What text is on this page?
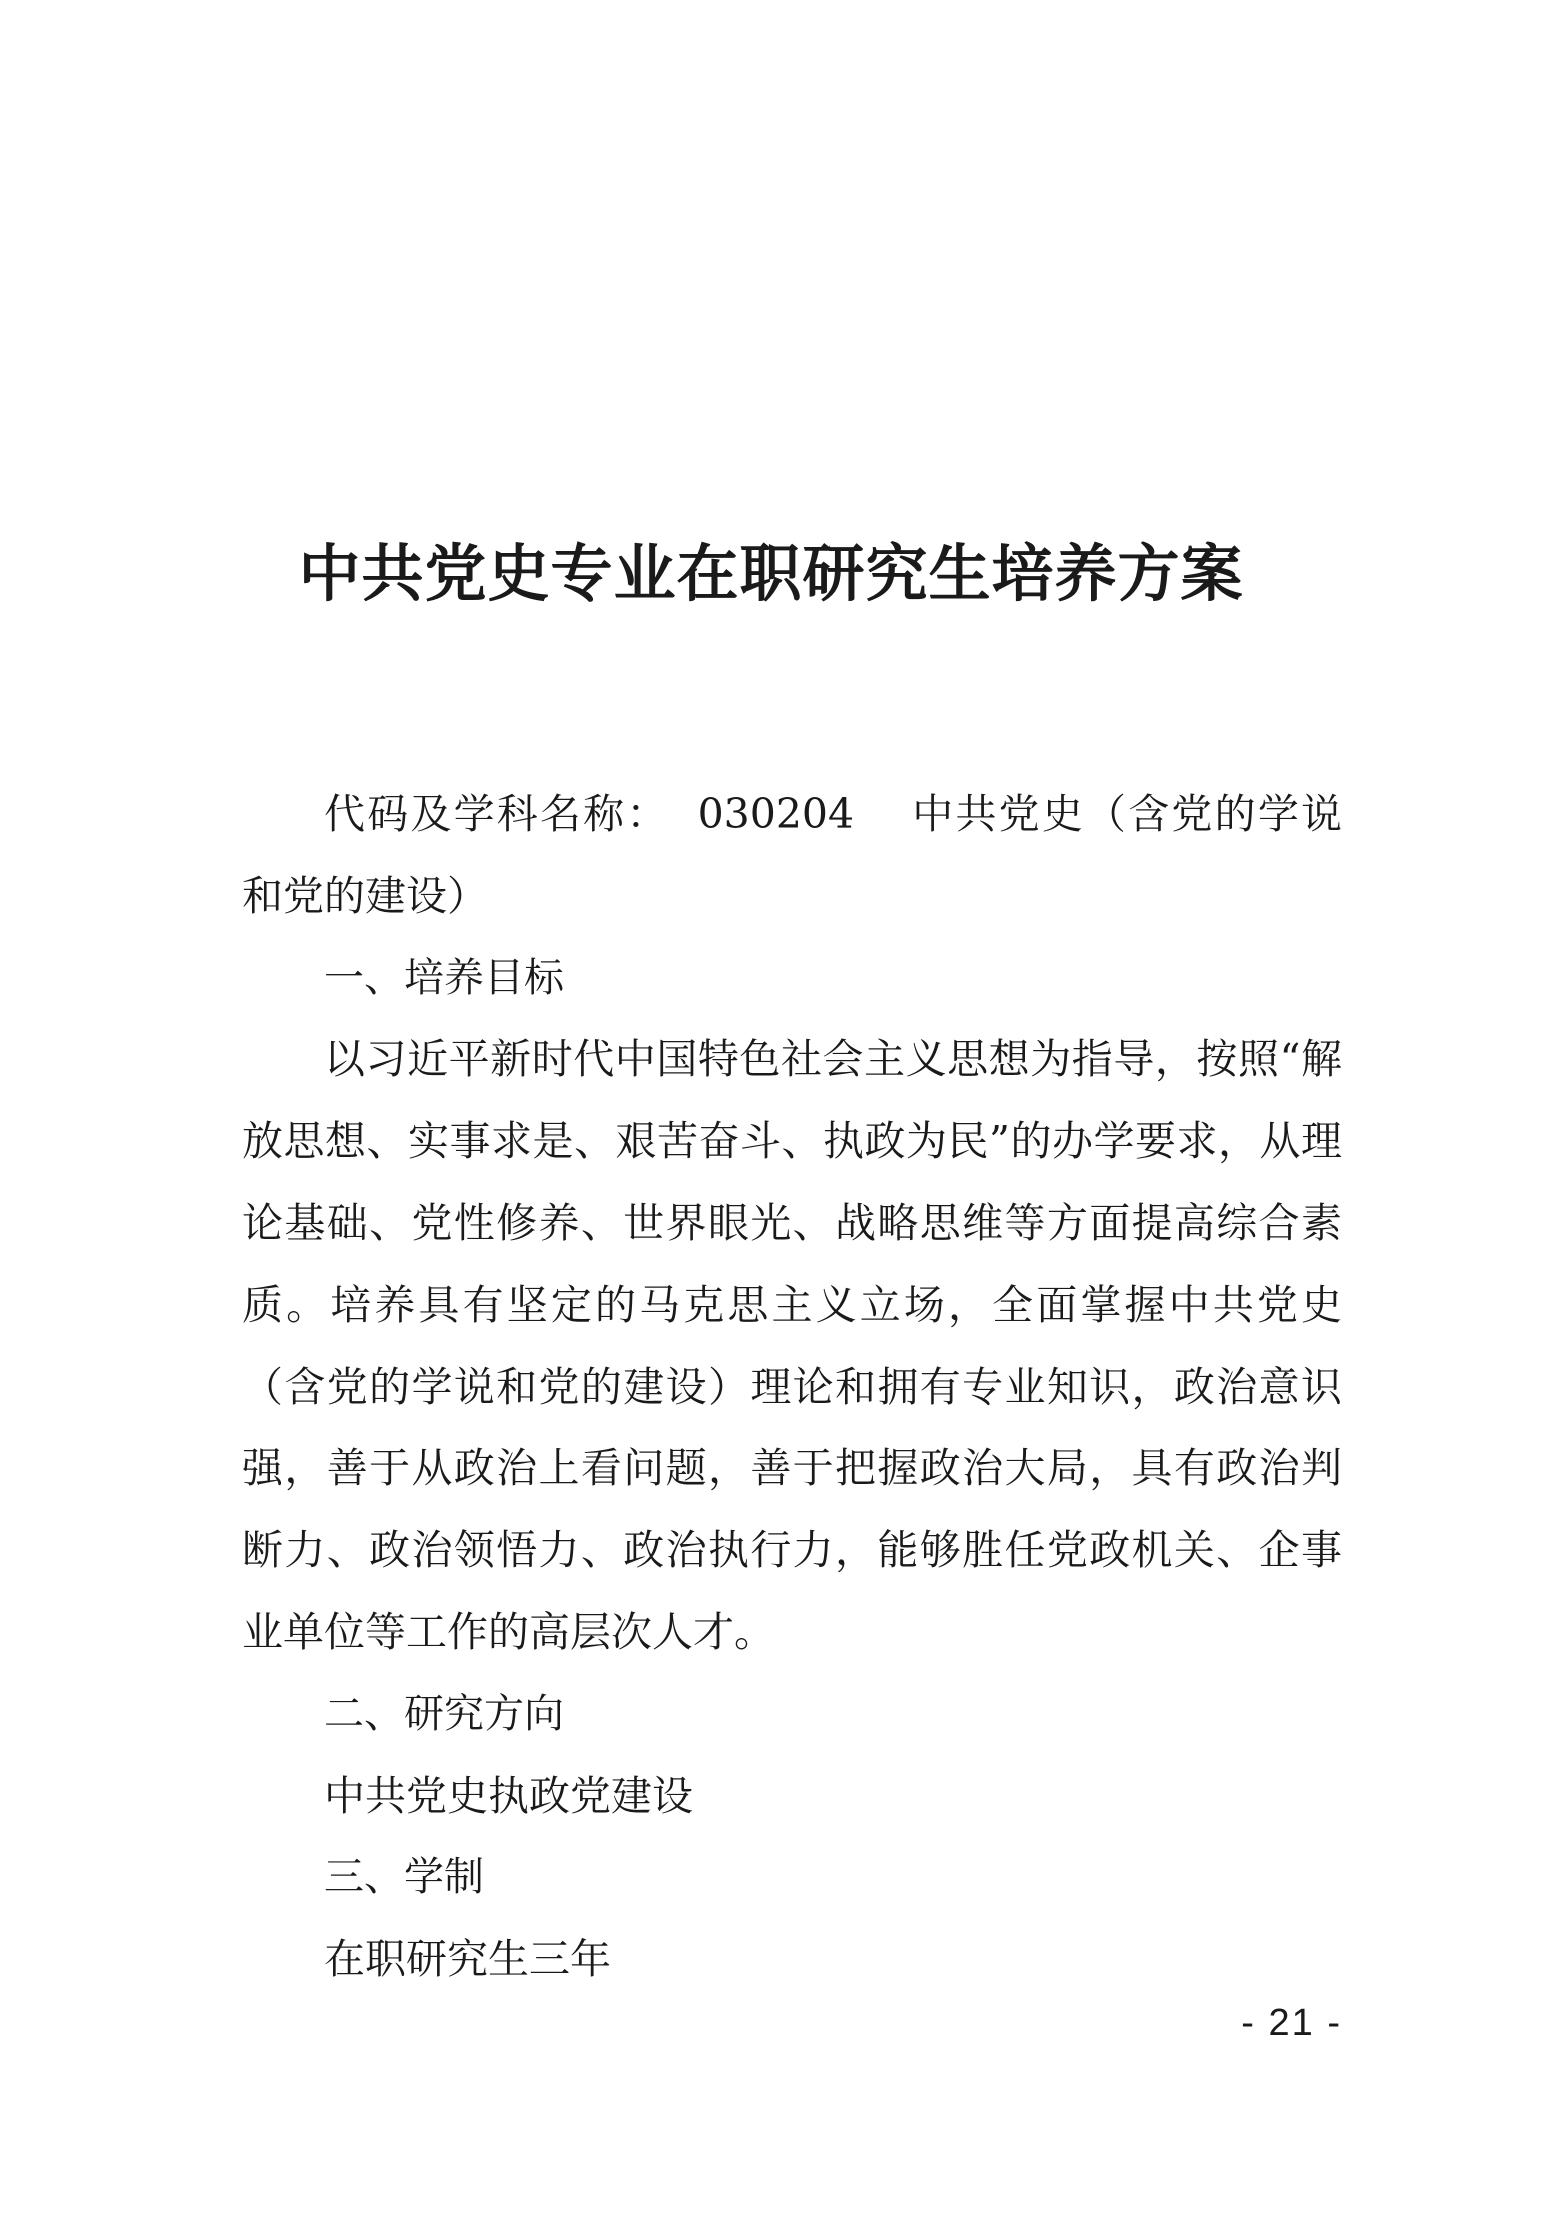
中共党史专业在职研究生培养方案

代码及学科名称： 030204 中共党史（含党的学说和党的建设）

一、培养目标

以习近平新时代中国特色社会主义思想为指导，按照“解放思想、实事求是、艰苦奋斗、执政为民”的办学要求，从理论基础、党性修养、世界眼光、战略思维等方面提高综合素质。培养具有坚定的马克思主义立场，全面掌握中共党史（含党的学说和党的建设）理论和拥有专业知识，政治意识强，善于从政治上看问题，善于把握政治大局，具有政治判断力、政治领悟力、政治执行力，能够胜任党政机关、企事业单位等工作的高层次人才。

二、研究方向

中共党史执政党建设

三、学制

在职研究生三年

- 21 -
